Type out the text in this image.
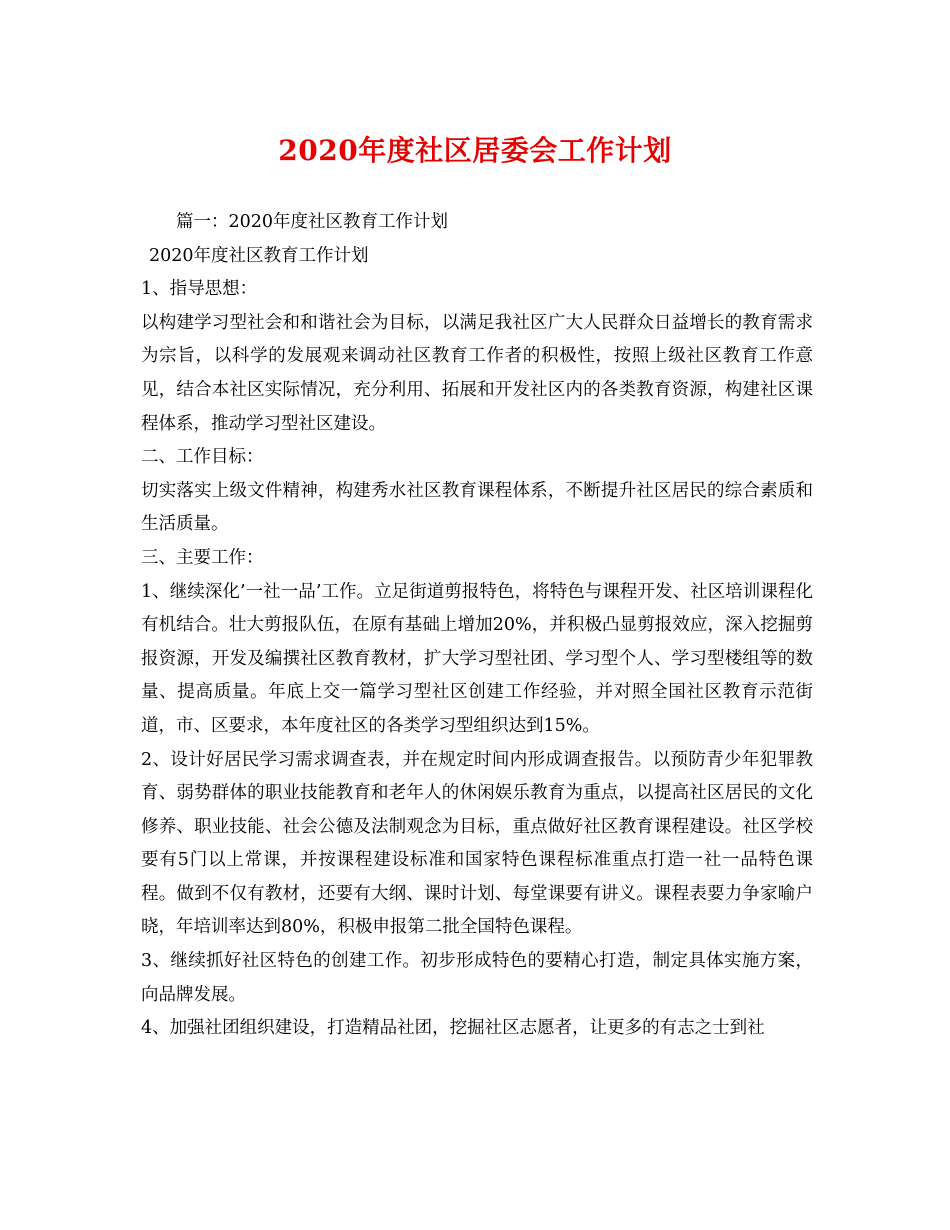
2020年度社区居委会工作计划
篇一：2020年度社区教育工作计划
2020年度社区教育工作计划
1、指导思想：
以构建学习型社会和和谐社会为目标，以满足我社区广大人民群众日益增长的教育需求为宗旨，以科学的发展观来调动社区教育工作者的积极性，按照上级社区教育工作意见，结合本社区实际情况，充分利用、拓展和开发社区内的各类教育资源，构建社区课程体系，推动学习型社区建设。
二、工作目标：
切实落实上级文件精神，构建秀水社区教育课程体系，不断提升社区居民的综合素质和生活质量。
三、主要工作：
1、继续深化’一社一品’工作。立足街道剪报特色，将特色与课程开发、社区培训课程化有机结合。壮大剪报队伍，在原有基础上增加20%，并积极凸显剪报效应，深入挖掘剪报资源，开发及编撰社区教育教材，扩大学习型社团、学习型个人、学习型楼组等的数量、提高质量。年底上交一篇学习型社区创建工作经验，并对照全国社区教育示范街道，市、区要求，本年度社区的各类学习型组织达到15%。
2、设计好居民学习需求调查表，并在规定时间内形成调查报告。以预防青少年犯罪教育、弱势群体的职业技能教育和老年人的休闲娱乐教育为重点，以提高社区居民的文化修养、职业技能、社会公德及法制观念为目标，重点做好社区教育课程建设。社区学校要有5门以上常课，并按课程建设标准和国家特色课程标准重点打造一社一品特色课程。做到不仅有教材，还要有大纲、课时计划、每堂课要有讲义。课程表要力争家喻户晓，年培训率达到80%，积极申报第二批全国特色课程。
3、继续抓好社区特色的创建工作。初步形成特色的要精心打造，制定具体实施方案，向品牌发展。
4、加强社团组织建设，打造精品社团，挖掘社区志愿者，让更多的有志之士到社
